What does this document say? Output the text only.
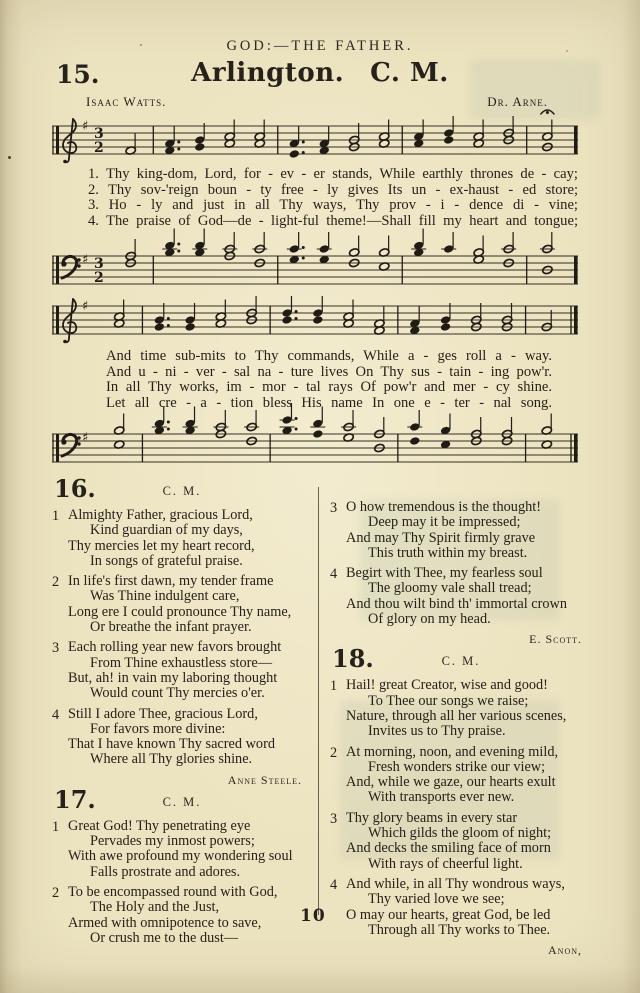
GOD:—THE FATHER.
15.	Arlington. C. M.
Isaac Watts.	Dr. Arne.
♯ 3
2
1. Thy king-dom, Lord, for - ev - er stands, While earthly thrones de - cay;
2. Thy sov-'reign boun - ty free - ly gives Its un - ex-haust - ed store;
3. Ho - ly and just in all Thy ways, Thy prov - i - dence di - vine;
4. The praise of God—de - light-ful theme!—Shall fill my heart and tongue;
♯ 3
2
♯
And time sub-mits to Thy commands, While a - ges roll a - way.
And u - ni - ver - sal na - ture lives On Thy sus - tain - ing pow'r.
In all Thy works, im - mor - tal rays Of pow'r and mer - cy shine.
Let all cre - a - tion bless His name In one e - ter - nal song.
♯
16.	C. M.
1 Almighty Father, gracious Lord,
Kind guardian of my days,
Thy mercies let my heart record,
In songs of grateful praise.
2 In life's first dawn, my tender frame
Was Thine indulgent care,
Long ere I could pronounce Thy name,
Or breathe the infant prayer.
3 Each rolling year new favors brought
From Thine exhaustless store—
But, ah! in vain my laboring thought
Would count Thy mercies o'er.
4 Still I adore Thee, gracious Lord,
For favors more divine:
That I have known Thy sacred word
Where all Thy glories shine.
Anne Steele.
17.	C. M.
1 Great God! Thy penetrating eye
Pervades my inmost powers;
With awe profound my wondering soul
Falls prostrate and adores.
2 To be encompassed round with God,
The Holy and the Just,
Armed with omnipotence to save,
Or crush me to the dust—
3 O how tremendous is the thought!
Deep may it be impressed;
And may Thy Spirit firmly grave
This truth within my breast.
4 Begirt with Thee, my fearless soul
The gloomy vale shall tread;
And thou wilt bind th' immortal crown
Of glory on my head.
E. Scott.
18.	C. M.
1 Hail! great Creator, wise and good!
To Thee our songs we raise;
Nature, through all her various scenes,
Invites us to Thy praise.
2 At morning, noon, and evening mild,
Fresh wonders strike our view;
And, while we gaze, our hearts exult
With transports ever new.
3 Thy glory beams in every star
Which gilds the gloom of night;
And decks the smiling face of morn
With rays of cheerful light.
4 And while, in all Thy wondrous ways,
Thy varied love we see;
O may our hearts, great God, be led
Through all Thy works to Thee.
Anon,
10
